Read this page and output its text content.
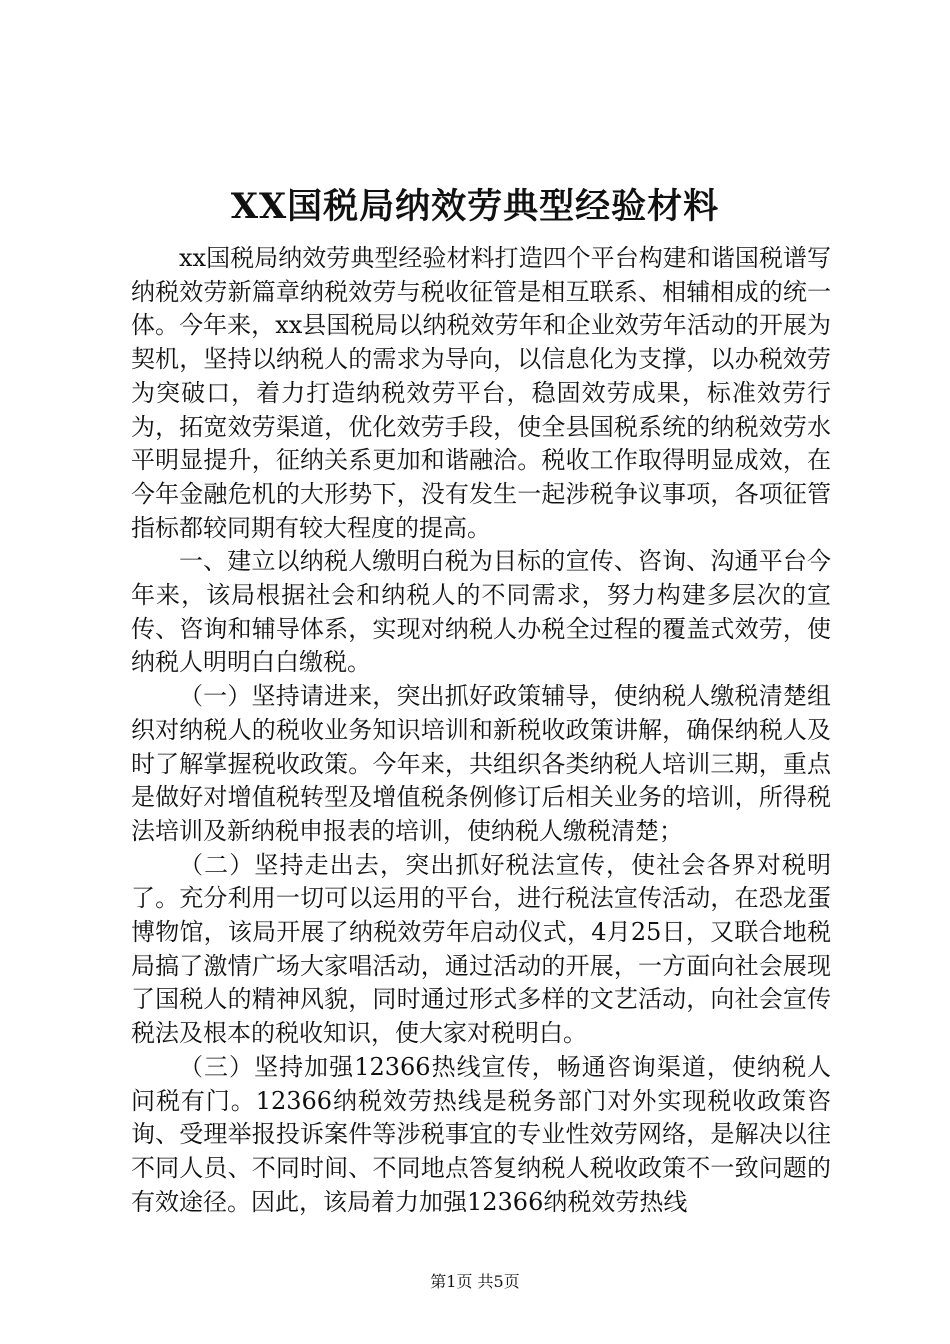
XX国税局纳效劳典型经验材料

xx国税局纳效劳典型经验材料打造四个平台构建和谐国税谱写纳税效劳新篇章纳税效劳与税收征管是相互联系、相辅相成的统一体。今年来，xx县国税局以纳税效劳年和企业效劳年活动的开展为契机，坚持以纳税人的需求为导向，以信息化为支撑，以办税效劳为突破口，着力打造纳税效劳平台，稳固效劳成果，标准效劳行为，拓宽效劳渠道，优化效劳手段，使全县国税系统的纳税效劳水平明显提升，征纳关系更加和谐融洽。税收工作取得明显成效，在今年金融危机的大形势下，没有发生一起涉税争议事项，各项征管指标都较同期有较大程度的提高。

一、建立以纳税人缴明白税为目标的宣传、咨询、沟通平台今年来，该局根据社会和纳税人的不同需求，努力构建多层次的宣传、咨询和辅导体系，实现对纳税人办税全过程的覆盖式效劳，使纳税人明明白白缴税。

（一）坚持请进来，突出抓好政策辅导，使纳税人缴税清楚组织对纳税人的税收业务知识培训和新税收政策讲解，确保纳税人及时了解掌握税收政策。今年来，共组织各类纳税人培训三期，重点是做好对增值税转型及增值税条例修订后相关业务的培训，所得税法培训及新纳税申报表的培训，使纳税人缴税清楚；

（二）坚持走出去，突出抓好税法宣传，使社会各界对税明了。充分利用一切可以运用的平台，进行税法宣传活动，在恐龙蛋博物馆，该局开展了纳税效劳年启动仪式，4月25日，又联合地税局搞了激情广场大家唱活动，通过活动的开展，一方面向社会展现了国税人的精神风貌，同时通过形式多样的文艺活动，向社会宣传税法及根本的税收知识，使大家对税明白。

（三）坚持加强12366热线宣传，畅通咨询渠道，使纳税人问税有门。12366纳税效劳热线是税务部门对外实现税收政策咨询、受理举报投诉案件等涉税事宜的专业性效劳网络，是解决以往不同人员、不同时间、不同地点答复纳税人税收政策不一致问题的有效途径。因此，该局着力加强12366纳税效劳热线

第1页 共5页
